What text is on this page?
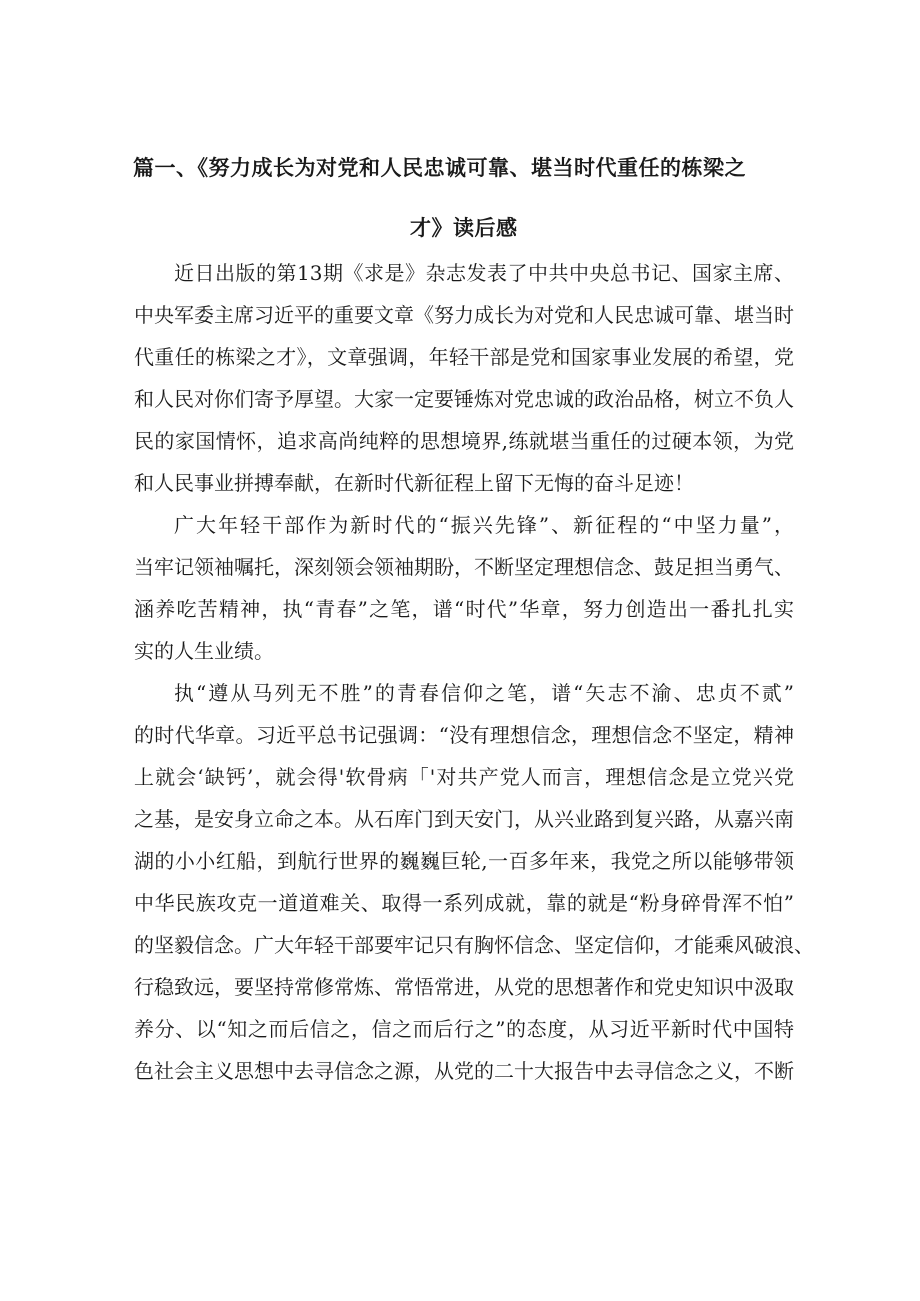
篇一、《努力成长为对党和人民忠诚可靠、堪当时代重任的栋梁之
才》读后感
近日出版的第13期《求是》杂志发表了中共中央总书记、国家主席、
中央军委主席习近平的重要文章《努力成长为对党和人民忠诚可靠、堪当时
代重任的栋梁之才》，文章强调，年轻干部是党和国家事业发展的希望，党
和人民对你们寄予厚望。大家一定要锤炼对党忠诚的政治品格，树立不负人
民的家国情怀，追求高尚纯粹的思想境界,练就堪当重任的过硬本领，为党
和人民事业拼搏奉献，在新时代新征程上留下无悔的奋斗足迹！
广大年轻干部作为新时代的“振兴先锋”、新征程的“中坚力量”，
当牢记领袖嘱托，深刻领会领袖期盼，不断坚定理想信念、鼓足担当勇气、
涵养吃苦精神，执“青春”之笔，谱“时代”华章，努力创造出一番扎扎实
实的人生业绩。
执“遵从马列无不胜”的青春信仰之笔，谱“矢志不渝、忠贞不贰”
的时代华章。习近平总书记强调：“没有理想信念，理想信念不坚定，精神
上就会‘缺钙’，就会得'软骨病「'对共产党人而言，理想信念是立党兴党
之基，是安身立命之本。从石库门到天安门，从兴业路到复兴路，从嘉兴南
湖的小小红船，到航行世界的巍巍巨轮,一百多年来，我党之所以能够带领
中华民族攻克一道道难关、取得一系列成就，靠的就是“粉身碎骨浑不怕”
的坚毅信念。广大年轻干部要牢记只有胸怀信念、坚定信仰，才能乘风破浪、
行稳致远，要坚持常修常炼、常悟常进，从党的思想著作和党史知识中汲取
养分、以“知之而后信之，信之而后行之”的态度，从习近平新时代中国特
色社会主义思想中去寻信念之源，从党的二十大报告中去寻信念之义，不断
